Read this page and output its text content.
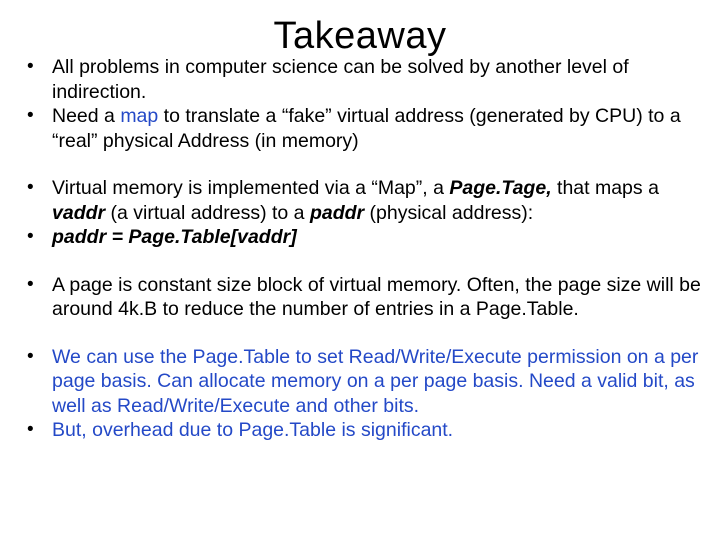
Takeaway
• All problems in computer science can be solved by another level of indirection.
• Need a map to translate a “fake” virtual address (generated by CPU) to a “real” physical Address (in memory)
• Virtual memory is implemented via a “Map”, a Page.Tage, that maps a vaddr (a virtual address) to a paddr (physical address):
• paddr = Page.Table[vaddr]
• A page is constant size block of virtual memory. Often, the page size will be around 4k.B to reduce the number of entries in a Page.Table.
• We can use the Page.Table to set Read/Write/Execute permission on a per page basis. Can allocate memory on a per page basis. Need a valid bit, as well as Read/Write/Execute and other bits.
• But, overhead due to Page.Table is significant.
